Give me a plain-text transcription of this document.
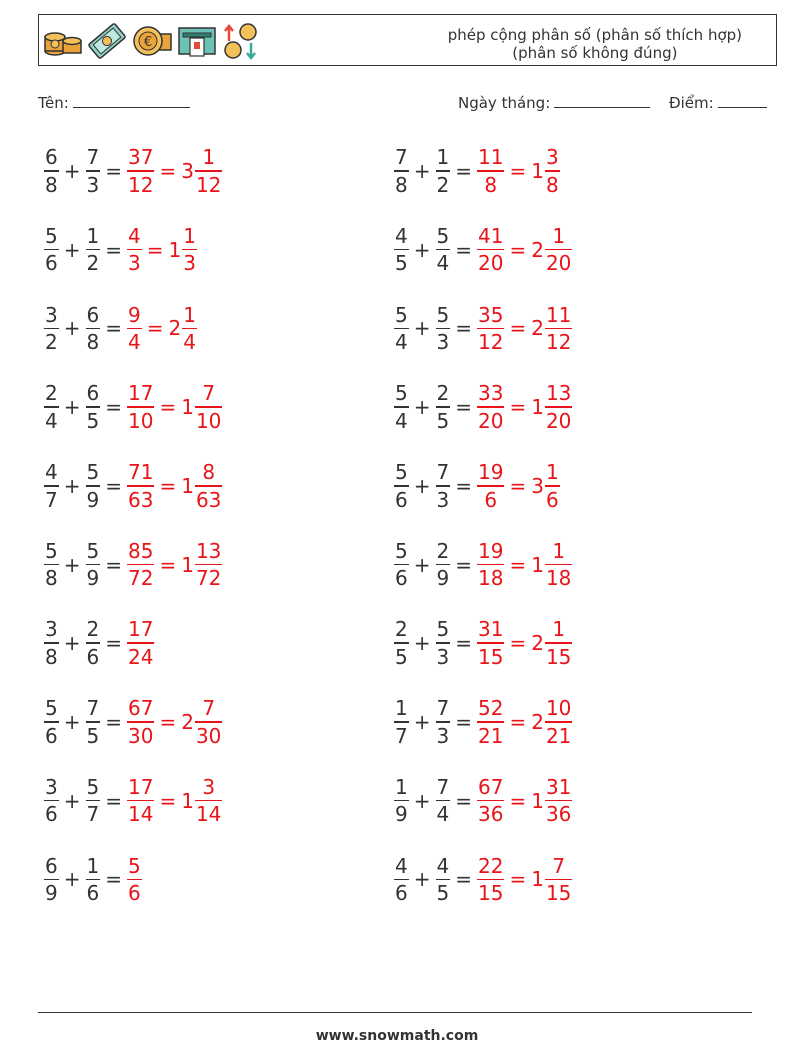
€	phép cộng phân số (phân số thích hợp)
(phân số không đúng)
Tên:	Ngày tháng:	Điểm:
$\frac{6}{8} + \frac{7}{3} = \frac{37}{12} = 3 \frac{1}{12}$	$\frac{7}{8} + \frac{1}{2} = \frac{11}{8} = 1 \frac{3}{8}$
$\frac{5}{6} + \frac{1}{2} = \frac{4}{3} = 1 \frac{1}{3}$	$\frac{4}{5} + \frac{5}{4} = \frac{41}{20} = 2 \frac{1}{20}$
$\frac{3}{2} + \frac{6}{8} = \frac{9}{4} = 2 \frac{1}{4}$	$\frac{5}{4} + \frac{5}{3} = \frac{35}{12} = 2 \frac{11}{12}$
$\frac{2}{4} + \frac{6}{5} = \frac{17}{10} = 1 \frac{7}{10}$	$\frac{5}{4} + \frac{2}{5} = \frac{33}{20} = 1 \frac{13}{20}$
$\frac{4}{7} + \frac{5}{9} = \frac{71}{63} = 1 \frac{8}{63}$	$\frac{5}{6} + \frac{7}{3} = \frac{19}{6} = 3 \frac{1}{6}$
$\frac{5}{8} + \frac{5}{9} = \frac{85}{72} = 1 \frac{13}{72}$	$\frac{5}{6} + \frac{2}{9} = \frac{19}{18} = 1 \frac{1}{18}$
$\frac{3}{8} + \frac{2}{6} = \frac{17}{24}$	$\frac{2}{5} + \frac{5}{3} = \frac{31}{15} = 2 \frac{1}{15}$
$\frac{5}{6} + \frac{7}{5} = \frac{67}{30} = 2 \frac{7}{30}$	$\frac{1}{7} + \frac{7}{3} = \frac{52}{21} = 2 \frac{10}{21}$
$\frac{3}{6} + \frac{5}{7} = \frac{17}{14} = 1 \frac{3}{14}$	$\frac{1}{9} + \frac{7}{4} = \frac{67}{36} = 1 \frac{31}{36}$
$\frac{6}{9} + \frac{1}{6} = \frac{5}{6}$	$\frac{4}{6} + \frac{4}{5} = \frac{22}{15} = 1 \frac{7}{15}$
www.snowmath.com
